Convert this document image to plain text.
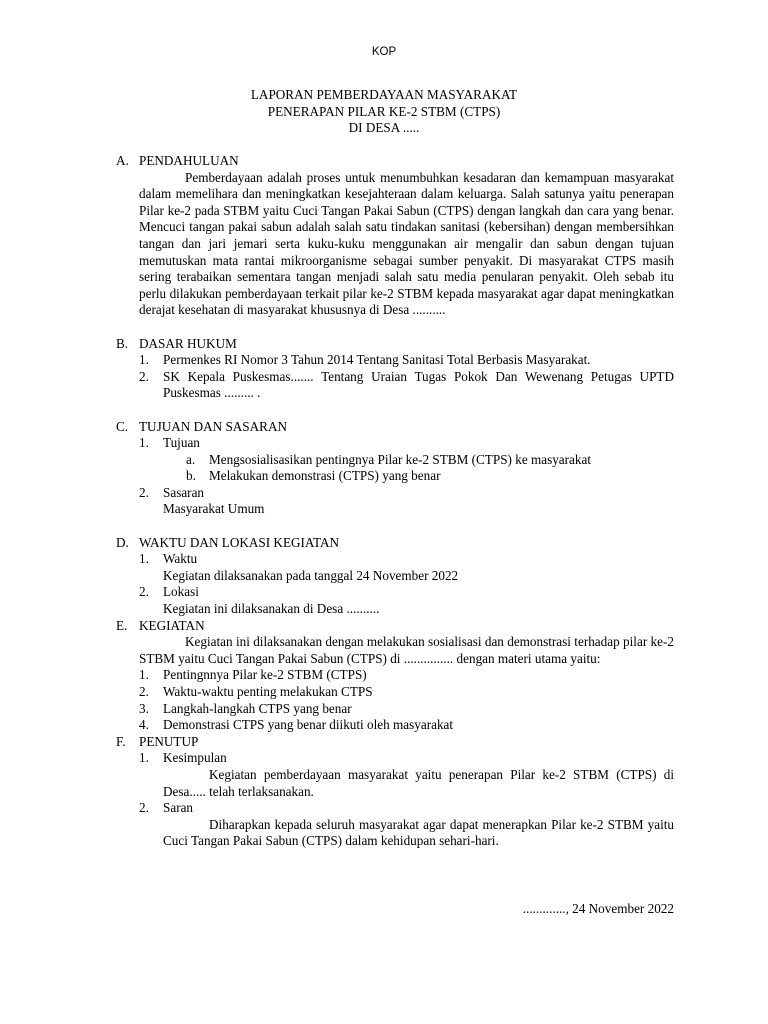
KOP
LAPORAN PEMBERDAYAAN MASYARAKAT
PENERAPAN PILAR KE-2 STBM (CTPS)
DI DESA .....
A. PENDAHULUAN
Pemberdayaan adalah proses untuk menumbuhkan kesadaran dan kemampuan masyarakat dalam memelihara dan meningkatkan kesejahteraan dalam keluarga. Salah satunya yaitu penerapan Pilar ke-2 pada STBM yaitu Cuci Tangan Pakai Sabun (CTPS) dengan langkah dan cara yang benar. Mencuci tangan pakai sabun adalah salah satu tindakan sanitasi (kebersihan) dengan membersihkan tangan dan jari jemari serta kuku-kuku menggunakan air mengalir dan sabun dengan tujuan memutuskan mata rantai mikroorganisme sebagai sumber penyakit. Di masyarakat CTPS masih sering terabaikan sementara tangan menjadi salah satu media penularan penyakit. Oleh sebab itu perlu dilakukan pemberdayaan terkait pilar ke-2 STBM kepada masyarakat agar dapat meningkatkan derajat kesehatan di masyarakat khususnya di Desa ..........
B. DASAR HUKUM
1. Permenkes RI Nomor 3 Tahun 2014 Tentang Sanitasi Total Berbasis Masyarakat.
2. SK Kepala Puskesmas....... Tentang Uraian Tugas Pokok Dan Wewenang Petugas UPTD Puskesmas ......... .
C. TUJUAN DAN SASARAN
1. Tujuan
a. Mengsosialisasikan pentingnya Pilar ke-2 STBM (CTPS) ke masyarakat
b. Melakukan demonstrasi (CTPS) yang benar
2. Sasaran
Masyarakat Umum
D. WAKTU DAN LOKASI KEGIATAN
1. Waktu
Kegiatan dilaksanakan pada tanggal 24 November 2022
2. Lokasi
Kegiatan ini dilaksanakan di Desa ..........
E. KEGIATAN
Kegiatan ini dilaksanakan dengan melakukan sosialisasi dan demonstrasi terhadap pilar ke-2 STBM yaitu Cuci Tangan Pakai Sabun (CTPS) di ............... dengan materi utama yaitu:
1. Pentingnnya Pilar ke-2 STBM (CTPS)
2. Waktu-waktu penting melakukan CTPS
3. Langkah-langkah CTPS yang benar
4. Demonstrasi CTPS yang benar diikuti oleh masyarakat
F. PENUTUP
1. Kesimpulan
Kegiatan pemberdayaan masyarakat yaitu penerapan Pilar ke-2 STBM (CTPS) di Desa..... telah terlaksanakan.
2. Saran
Diharapkan kepada seluruh masyarakat agar dapat menerapkan Pilar ke-2 STBM yaitu Cuci Tangan Pakai Sabun (CTPS) dalam kehidupan sehari-hari.
............., 24 November 2022
